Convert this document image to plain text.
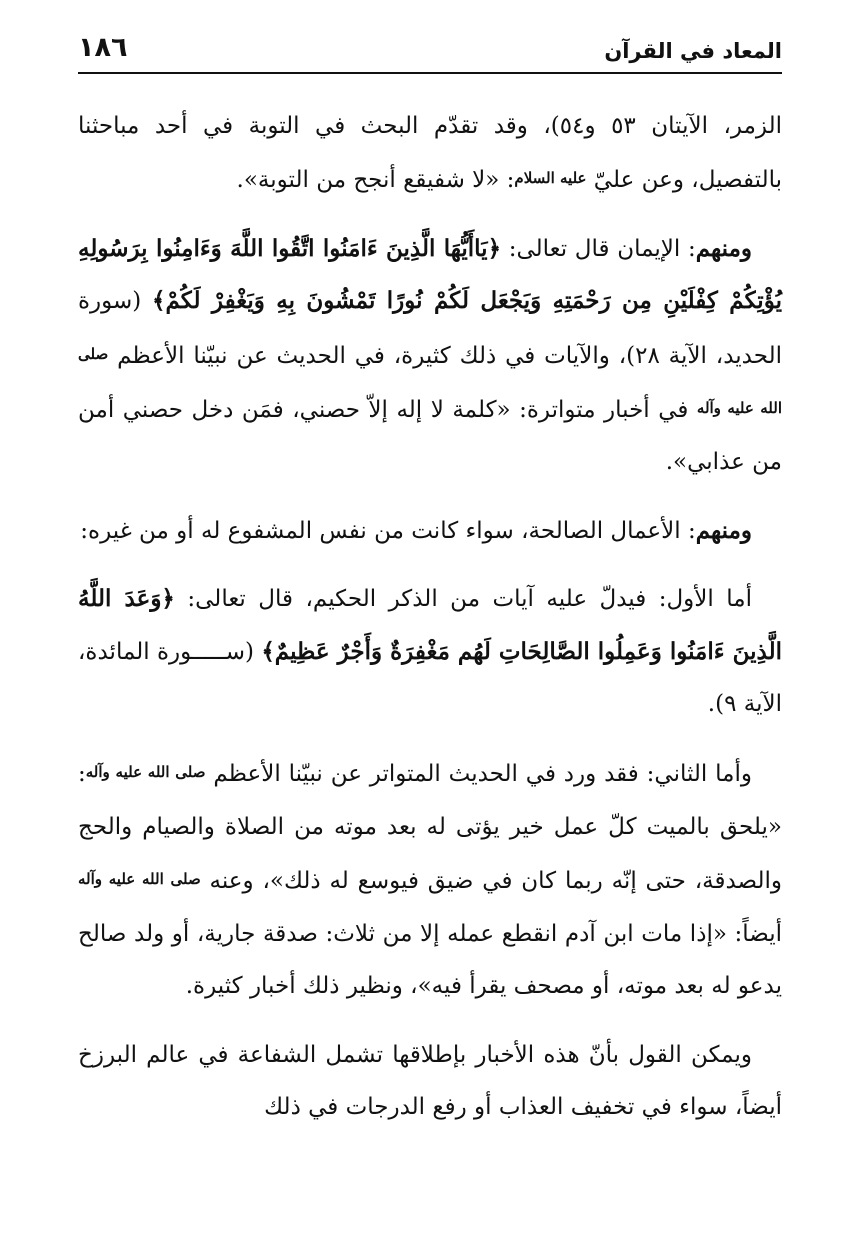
١٨٦	المعاد في القرآن

الزمر، الآيتان ٥٣ و٥٤)، وقد تقدّم البحث في التوبة في أحد مباحثنا بالتفصيل، وعن عليّ عليه السلام: «لا شفيقع أنجح من التوبة».

ومنهم: الإيمان قال تعالى: ﴿يَاأَيُّهَا الَّذِينَ ءَامَنُوا اتَّقُوا اللَّهَ وَءَامِنُوا بِرَسُولِهِ يُؤْتِكُمْ كِفْلَيْنِ مِن رَحْمَتِهِ وَيَجْعَل لَكُمْ نُورًا تَمْشُونَ بِهِ وَيَغْفِرْ لَكُمْ﴾ (سورة الحديد، الآية ٢٨)، والآيات في ذلك كثيرة، في الحديث عن نبيّنا الأعظم صلى الله عليه وآله في أخبار متواترة: «كلمة لا إله إلاّ حصني، فمَن دخل حصني أمن من عذابي».

ومنهم: الأعمال الصالحة، سواء كانت من نفس المشفوع له أو من غيره:

أما الأول: فيدلّ عليه آيات من الذكر الحكيم، قال تعالى: ﴿وَعَدَ اللَّهُ الَّذِينَ ءَامَنُوا وَعَمِلُوا الصَّالِحَاتِ لَهُم مَغْفِرَةٌ وَأَجْرٌ عَظِيمٌ﴾ (ســـــورة المائدة، الآية ٩).

وأما الثاني: فقد ورد في الحديث المتواتر عن نبيّنا الأعظم صلى الله عليه وآله: «يلحق بالميت كلّ عمل خير يؤتى له بعد موته من الصلاة والصيام والحج والصدقة، حتى إنّه ربما كان في ضيق فيوسع له ذلك»، وعنه صلى الله عليه وآله أيضاً: «إذا مات ابن آدم انقطع عمله إلا من ثلاث: صدقة جارية، أو ولد صالح يدعو له بعد موته، أو مصحف يقرأ فيه»، ونظير ذلك أخبار كثيرة.

ويمكن القول بأنّ هذه الأخبار بإطلاقها تشمل الشفاعة في عالم البرزخ أيضاً، سواء في تخفيف العذاب أو رفع الدرجات في ذلك
